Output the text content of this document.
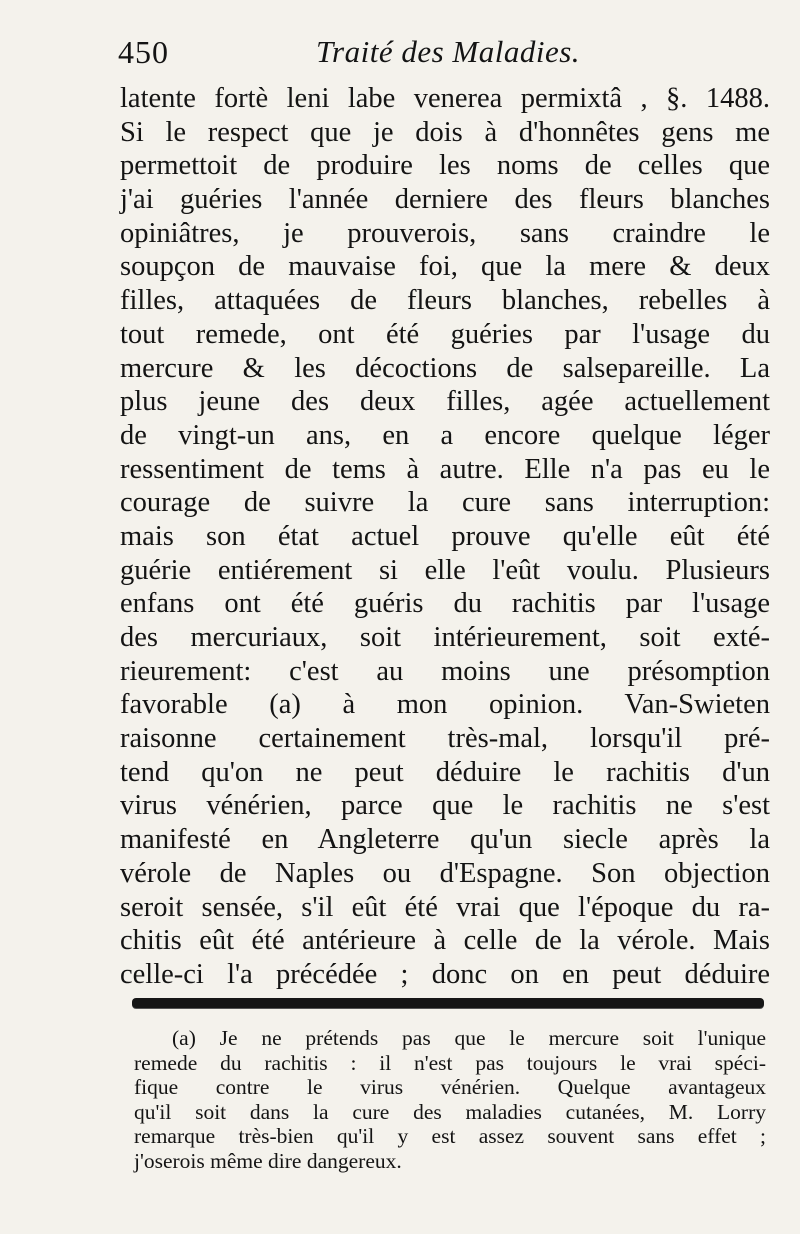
450	Traité des Maladies.
latente fortè leni labe venerea permixtâ , §. 1488.
Si le respect que je dois à d'honnêtes gens me
permettoit de produire les noms de celles que
j'ai guéries l'année derniere des fleurs blanches
opiniâtres, je prouverois, sans craindre le
soupçon de mauvaise foi, que la mere & deux
filles, attaquées de fleurs blanches, rebelles à
tout remede, ont été guéries par l'usage du
mercure & les décoctions de salsepareille. La
plus jeune des deux filles, agée actuellement
de vingt-un ans, en a encore quelque léger
ressentiment de tems à autre. Elle n'a pas eu le
courage de suivre la cure sans interruption:
mais son état actuel prouve qu'elle eût été
guérie entiérement si elle l'eût voulu. Plusieurs
enfans ont été guéris du rachitis par l'usage
des mercuriaux, soit intérieurement, soit exté-
rieurement: c'est au moins une présomption
favorable (a) à mon opinion. Van-Swieten
raisonne certainement très-mal, lorsqu'il pré-
tend qu'on ne peut déduire le rachitis d'un
virus vénérien, parce que le rachitis ne s'est
manifesté en Angleterre qu'un siecle après la
vérole de Naples ou d'Espagne. Son objection
seroit sensée, s'il eût été vrai que l'époque du ra-
chitis eût été antérieure à celle de la vérole. Mais
celle-ci l'a précédée ; donc on en peut déduire
(a) Je ne prétends pas que le mercure soit l'unique
remede du rachitis : il n'est pas toujours le vrai spéci-
fique contre le virus vénérien. Quelque avantageux
qu'il soit dans la cure des maladies cutanées, M. Lorry
remarque très-bien qu'il y est assez souvent sans effet ;
j'oserois même dire dangereux.
